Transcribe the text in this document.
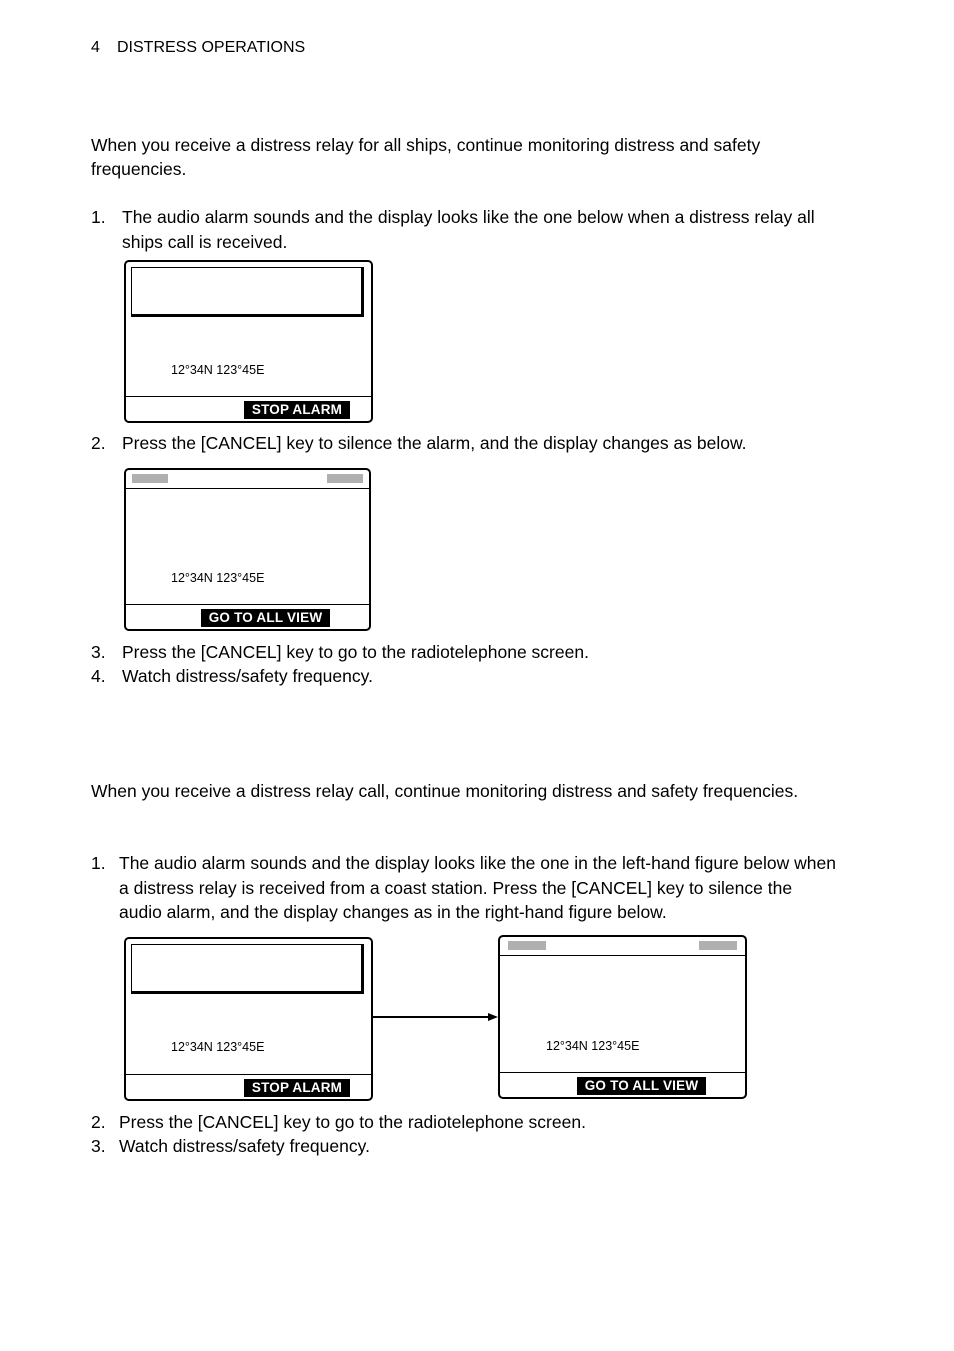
4 DISTRESS OPERATIONS
When you receive a distress relay for all ships, continue monitoring distress and safety frequencies.
1. The audio alarm sounds and the display looks like the one below when a distress relay all ships call is received.
12°34N 123°45E
STOP ALARM
2. Press the [CANCEL] key to silence the alarm, and the display changes as below.
12°34N 123°45E
GO TO ALL VIEW
3. Press the [CANCEL] key to go to the radiotelephone screen.
4. Watch distress/safety frequency.
When you receive a distress relay call, continue monitoring distress and safety frequencies.
1. The audio alarm sounds and the display looks like the one in the left-hand figure below when a distress relay is received from a coast station. Press the [CANCEL] key to silence the audio alarm, and the display changes as in the right-hand figure below.
12°34N 123°45E
STOP ALARM
12°34N 123°45E
GO TO ALL VIEW
2. Press the [CANCEL] key to go to the radiotelephone screen.
3. Watch distress/safety frequency.
